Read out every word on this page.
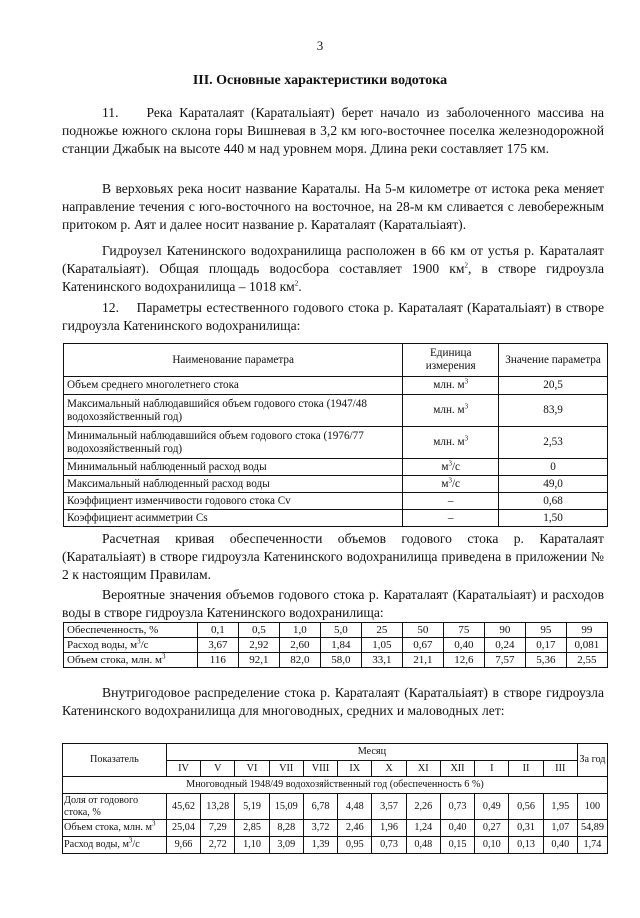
3
III. Основные характеристики водотока

11.    Река Караталаят (Каратальіаят) берет начало из заболоченного массива на подножье южного склона горы Вишневая в 3,2 км юго-восточнее поселка железнодорожной станции Джабык на высоте 440 м над уровнем моря. Длина реки составляет 175 км.

В верховьях река носит название Караталы. На 5-м километре от истока река меняет направление течения с юго-восточного на восточное, на 28-м км сливается с левобережным притоком р. Аят и далее носит название р. Караталаят (Каратальіаят).

Гидроузел Катенинского водохранилища расположен в 66 км от устья р. Караталаят (Каратальіаят). Общая площадь водосбора составляет 1900 $км^2$, в створе гидроузла Катенинского водохранилища – 1018 $км^2$.

12.    Параметры естественного годового стока р. Караталаят (Каратальіаят) в створе гидроузла Катенинского водохранилища:

Наименование параметра	Единица измерения	Значение параметра
Объем среднего многолетнего стока	млн. $м^3$	20,5
Максимальный наблюдавшийся объем годового стока (1947/48 водохозяйственный год)	млн. $м^3$	83,9
Минимальный наблюдавшийся объем годового стока (1976/77 водохозяйственный год)	млн. $м^3$	2,53
Минимальный наблюденный расход воды	$м^3/с$	0
Максимальный наблюденный расход воды	$м^3/с$	49,0
Коэффициент изменчивости годового стока Cv	–	0,68
Коэффициент асимметрии Cs	–	1,50

Расчетная кривая обеспеченности объемов годового стока р. Караталаят (Каратальіаят) в створе гидроузла Катенинского водохранилища приведена в приложении № 2 к настоящим Правилам.

Вероятные значения объемов годового стока р. Караталаят (Каратальіаят) и расходов воды в створе гидроузла Катенинского водохранилища:

Обеспеченность, %	0,1	0,5	1,0	5,0	25	50	75	90	95	99
Расход воды, $м^3/с$	3,67	2,92	2,60	1,84	1,05	0,67	0,40	0,24	0,17	0,081
Объем стока, млн. $м^3$	116	92,1	82,0	58,0	33,1	21,1	12,6	7,57	5,36	2,55

Внутригодовое распределение стока р. Караталаят (Каратальіаят) в створе гидроузла Катенинского водохранилища для многоводных, средних и маловодных лет:

Показатель	Месяц												За год
	IV	V	VI	VII	VIII	IX	X	XI	XII	I	II	III	
Многоводный 1948/49 водохозяйственный год (обеспеченность 6 %)													
Доля от годового стока, %	45,62	13,28	5,19	15,09	6,78	4,48	3,57	2,26	0,73	0,49	0,56	1,95	100
Объем стока, млн. $м^3$	25,04	7,29	2,85	8,28	3,72	2,46	1,96	1,24	0,40	0,27	0,31	1,07	54,89
Расход воды, $м^3/с$	9,66	2,72	1,10	3,09	1,39	0,95	0,73	0,48	0,15	0,10	0,13	0,40	1,74
